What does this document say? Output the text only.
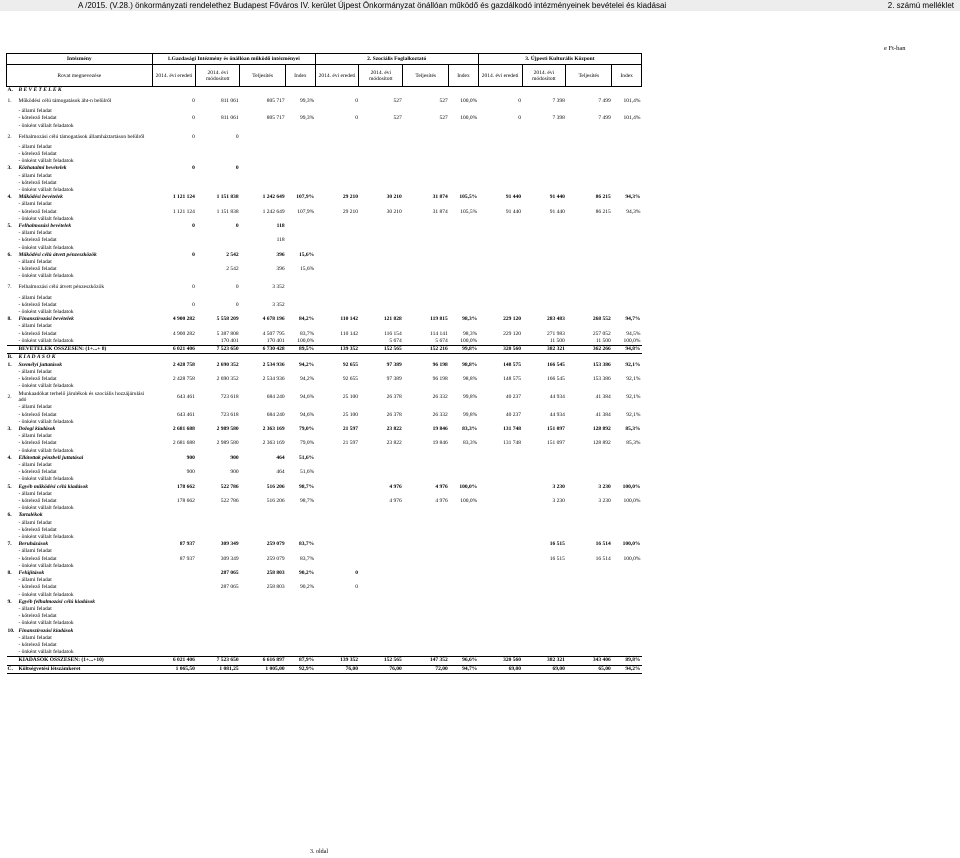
A /2015. (V.28.) önkormányzati rendelethez Budapest Főváros IV. kerület Újpest Önkormányzat önállóan működő és gazdálkodó intézményeinek bevételei és kiadásai	2. számú melléklet
e Ft-ban
Intézmény		1.Gazdasági Intézmény és önállóan működő intézményei				2. Szociális Foglalkoztató				3. Újpesti Kulturális Központ			
Rovat megnevezése		2014. évi eredeti	2014. évi módosított	Teljesítés	Index	2014. évi eredeti	2014. évi módosított	Teljesítés	Index	2014. évi eredeti	2014. évi módosított	Teljesítés	Index
A.	B E V É T E L E K												
1.	Működési célú támogatások áht-n belülről	0	811 061	805 717	99,3%	0	527	527	100,0%	0	7 398	7 499	101,4%
	- állami feladat												
	- kötelező feladat	0	811 061	805 717	99,3%	0	527	527	100,0%	0	7 398	7 499	101,4%
	- önként vállalt feladatok												
2.	Felhalmozási célú támogatások államháztartáson belülről	0	0										
	- állami feladat												
	- kötelező feladat												
	- önként vállalt feladatok												
3.	Közhatalmi bevételek	0	0										
	- állami feladat												
	- kötelező feladat												
	- önként vállalt feladatok												
4.	Működési bevételek	1 121 124	1 151 838	1 242 649	107,9%	29 210	30 210	31 874	105,5%	91 440	91 440	86 215	94,3%
	- állami feladat												
	- kötelező feladat	1 121 124	1 151 838	1 242 649	107,9%	29 210	30 210	31 874	105,5%	91 440	91 440	86 215	94,3%
	- önként vállalt feladatok												
5.	Felhalmozási bevételek	0	0	118									
	- állami feladat												
	- kötelező feladat			118									
	- önként vállalt feladatok												
6.	Működési célú átvett pénzeszközök	0	2 542	396	15,6%								
	- állami feladat												
	- kötelező feladat		2 542	396	15,6%								
	- önként vállalt feladatok												
7.	Felhalmozási célú átvett pénzeszközök	0	0	3 352									
	- állami feladat												
	- kötelező feladat	0	0	3 352									
	- önként vállalt feladatok												
8.	Finanszírozási bevételek	4 900 282	5 558 209	4 678 196	84,2%	110 142	121 828	119 815	98,3%	229 120	283 483	268 552	94,7%
	- állami feladat												
	- kötelező feladat	4 900 282	5 387 808	4 507 795	83,7%	110 142	116 154	114 141	98,3%	229 120	271 983	257 052	94,5%
	- önként vállalt feladatok		170 401	170 401	100,0%		5 674	5 674	100,0%		11 500	11 500	100,0%
	BEVÉTELEK ÖSSZESEN: (1+...+ 8)	6 021 406	7 523 650	6 730 428	89,5%	139 352	152 565	152 216	99,8%	320 560	382 321	362 266	94,8%
B.	K I A D Á S O K												
1.	Személyi juttatások	2 428 758	2 690 352	2 534 936	94,2%	92 655	97 389	96 198	98,8%	148 575	166 545	153 386	92,1%
	- állami feladat												
	- kötelező feladat	2 428 758	2 690 352	2 534 936	94,2%	92 655	97 389	96 198	98,8%	148 575	166 545	153 386	92,1%
	- önként vállalt feladatok												
2.	Munkaadókat terhelő járulékok és szociális hozzájárulási adó	643 461	723 618	684 240	94,6%	25 100	26 378	26 332	99,8%	40 237	44 934	41 384	92,1%
	- állami feladat												
	- kötelező feladat	643 461	723 618	684 240	94,6%	25 100	26 378	26 332	99,8%	40 237	44 934	41 384	92,1%
	- önként vállalt feladatok												
3.	Dologi kiadások	2 681 688	2 989 580	2 363 169	79,0%	21 597	23 822	19 846	83,3%	131 748	151 097	128 892	85,3%
	- állami feladat												
	- kötelező feladat	2 681 688	2 989 580	2 363 169	79,0%	21 597	23 822	19 846	83,3%	131 748	151 097	128 892	85,3%
	- önként vállalt feladatok												
4.	Ellátottak pénzbeli juttatásai	900	900	464	51,6%								
	- állami feladat												
	- kötelező feladat	900	900	464	51,6%								
	- önként vállalt feladatok												
5.	Egyéb működési célú kiadások	178 662	522 786	516 206	98,7%		4 976	4 976	100,0%		3 230	3 230	100,0%
	- állami feladat												
	- kötelező feladat	178 662	522 786	516 206	98,7%		4 976	4 976	100,0%		3 230	3 230	100,0%
	- önként vállalt feladatok												
6.	Tartalékok												
	- állami feladat												
	- kötelező feladat												
	- önként vállalt feladatok												
7.	Beruházások	87 937	309 349	259 079	83,7%						16 515	16 514	100,0%
	- állami feladat												
	- kötelező feladat	87 937	309 349	259 079	83,7%						16 515	16 514	100,0%
	- önként vállalt feladatok												
8.	Felújítások		287 065	258 803	90,2%	0							
	- állami feladat												
	- kötelező feladat		287 065	258 803	90,2%	0							
	- önként vállalt feladatok												
9.	Egyéb felhalmozási célú kiadások												
	- állami feladat												
	- kötelező feladat												
	- önként vállalt feladatok												
10.	Finanszírozási kiadások												
	- állami feladat												
	- kötelező feladat												
	- önként vállalt feladatok												
	KIADÁSOK ÖSSZESEN: (1+...+10)	6 021 406	7 523 650	6 616 897	87,9%	139 352	152 565	147 352	96,6%	320 560	382 321	343 406	89,8%
C.	Költségvetési létszámkeret	1 065,50	1 081,25	1 005,00	92,9%	76,00	76,00	72,00	94,7%	69,00	69,00	65,00	94,2%
3. oldal
